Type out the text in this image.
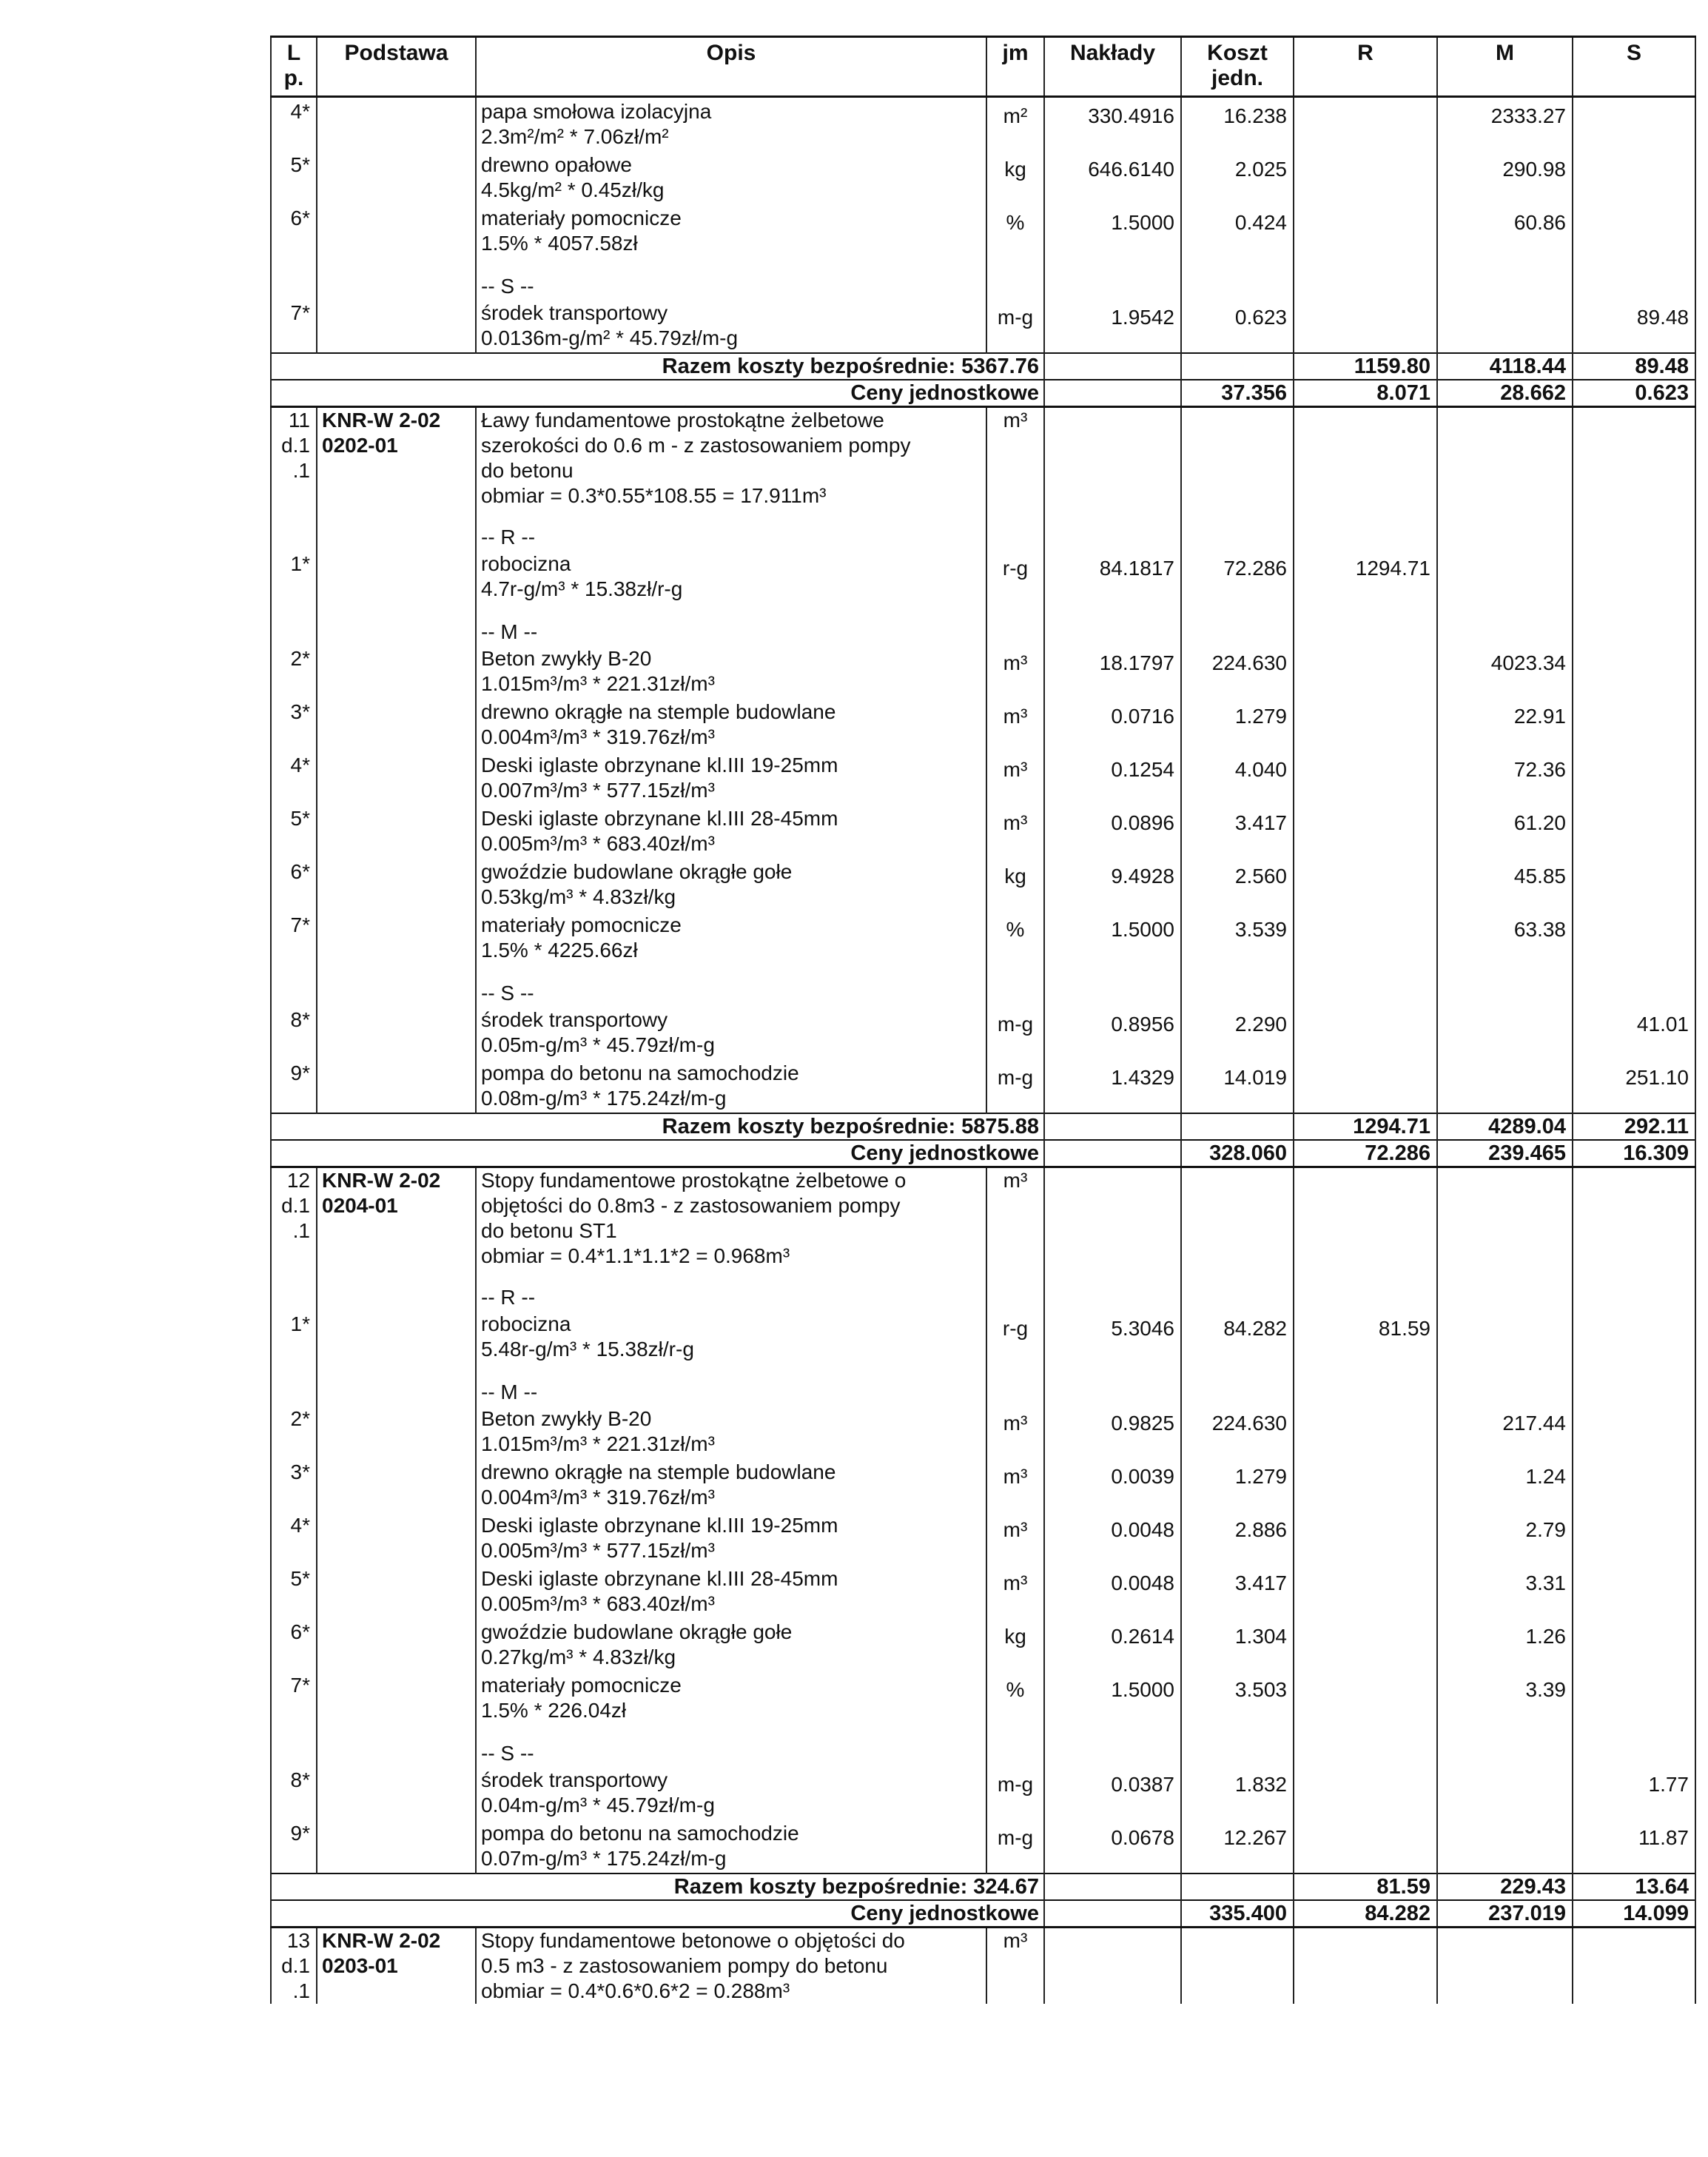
L p.	Podstawa	Opis	jm	Nakłady	Koszt jedn.	R	M	S
4*		papa smołowa izolacyjna
2.3m²/m² * 7.06zł/m²	m²	330.4916	16.238		2333.27	

5*		drewno opałowe
4.5kg/m² * 0.45zł/kg	kg	646.6140	2.025		290.98	

6*		materiały pomocnicze
1.5% * 4057.58zł	%	1.5000	0.424		60.86	

		-- S --						
7*		środek transportowy
0.0136m-g/m² * 45.79zł/m-g	m-g	1.9542	0.623			89.48

Razem koszty bezpośrednie: 5367.76						1159.80	4118.44	89.48
Ceny jednostkowe					37.356	8.071	28.662	0.623

11
d.1
.1	KNR-W 2-02
0202-01	Ławy fundamentowe prostokątne żelbetowe
szerokości do 0.6 m - z zastosowaniem pompy
do betonu
obmiar = 0.3*0.55*108.55 = 17.911m³	m³					

		-- R --						
1*		robocizna
4.7r-g/m³ * 15.38zł/r-g	r-g	84.1817	72.286	1294.71		

		-- M --						
2*		Beton zwykły B-20
1.015m³/m³ * 221.31zł/m³	m³	18.1797	224.630		4023.34	

3*		drewno okrągłe na stemple budowlane
0.004m³/m³ * 319.76zł/m³	m³	0.0716	1.279		22.91	

4*		Deski iglaste obrzynane kl.III 19-25mm
0.007m³/m³ * 577.15zł/m³	m³	0.1254	4.040		72.36	

5*		Deski iglaste obrzynane kl.III 28-45mm
0.005m³/m³ * 683.40zł/m³	m³	0.0896	3.417		61.20	

6*		gwoździe budowlane okrągłe gołe
0.53kg/m³ * 4.83zł/kg	kg	9.4928	2.560		45.85	

7*		materiały pomocnicze
1.5% * 4225.66zł	%	1.5000	3.539		63.38	

		-- S --						
8*		środek transportowy
0.05m-g/m³ * 45.79zł/m-g	m-g	0.8956	2.290			41.01

9*		pompa do betonu na samochodzie
0.08m-g/m³ * 175.24zł/m-g	m-g	1.4329	14.019			251.10

Razem koszty bezpośrednie: 5875.88						1294.71	4289.04	292.11
Ceny jednostkowe					328.060	72.286	239.465	16.309

12
d.1
.1	KNR-W 2-02
0204-01	Stopy fundamentowe prostokątne żelbetowe o
objętości do 0.8m3 - z zastosowaniem pompy
do betonu ST1
obmiar = 0.4*1.1*1.1*2 = 0.968m³	m³					

		-- R --						
1*		robocizna
5.48r-g/m³ * 15.38zł/r-g	r-g	5.3046	84.282	81.59		

		-- M --						
2*		Beton zwykły B-20
1.015m³/m³ * 221.31zł/m³	m³	0.9825	224.630		217.44	

3*		drewno okrągłe na stemple budowlane
0.004m³/m³ * 319.76zł/m³	m³	0.0039	1.279		1.24	

4*		Deski iglaste obrzynane kl.III 19-25mm
0.005m³/m³ * 577.15zł/m³	m³	0.0048	2.886		2.79	

5*		Deski iglaste obrzynane kl.III 28-45mm
0.005m³/m³ * 683.40zł/m³	m³	0.0048	3.417		3.31	

6*		gwoździe budowlane okrągłe gołe
0.27kg/m³ * 4.83zł/kg	kg	0.2614	1.304		1.26	

7*		materiały pomocnicze
1.5% * 226.04zł	%	1.5000	3.503		3.39	

		-- S --						
8*		środek transportowy
0.04m-g/m³ * 45.79zł/m-g	m-g	0.0387	1.832			1.77

9*		pompa do betonu na samochodzie
0.07m-g/m³ * 175.24zł/m-g	m-g	0.0678	12.267			11.87

Razem koszty bezpośrednie: 324.67						81.59	229.43	13.64
Ceny jednostkowe					335.400	84.282	237.019	14.099

13
d.1
.1	KNR-W 2-02
0203-01	Stopy fundamentowe betonowe o objętości do
0.5 m3 - z zastosowaniem pompy do betonu
obmiar = 0.4*0.6*0.6*2 = 0.288m³	m³					
